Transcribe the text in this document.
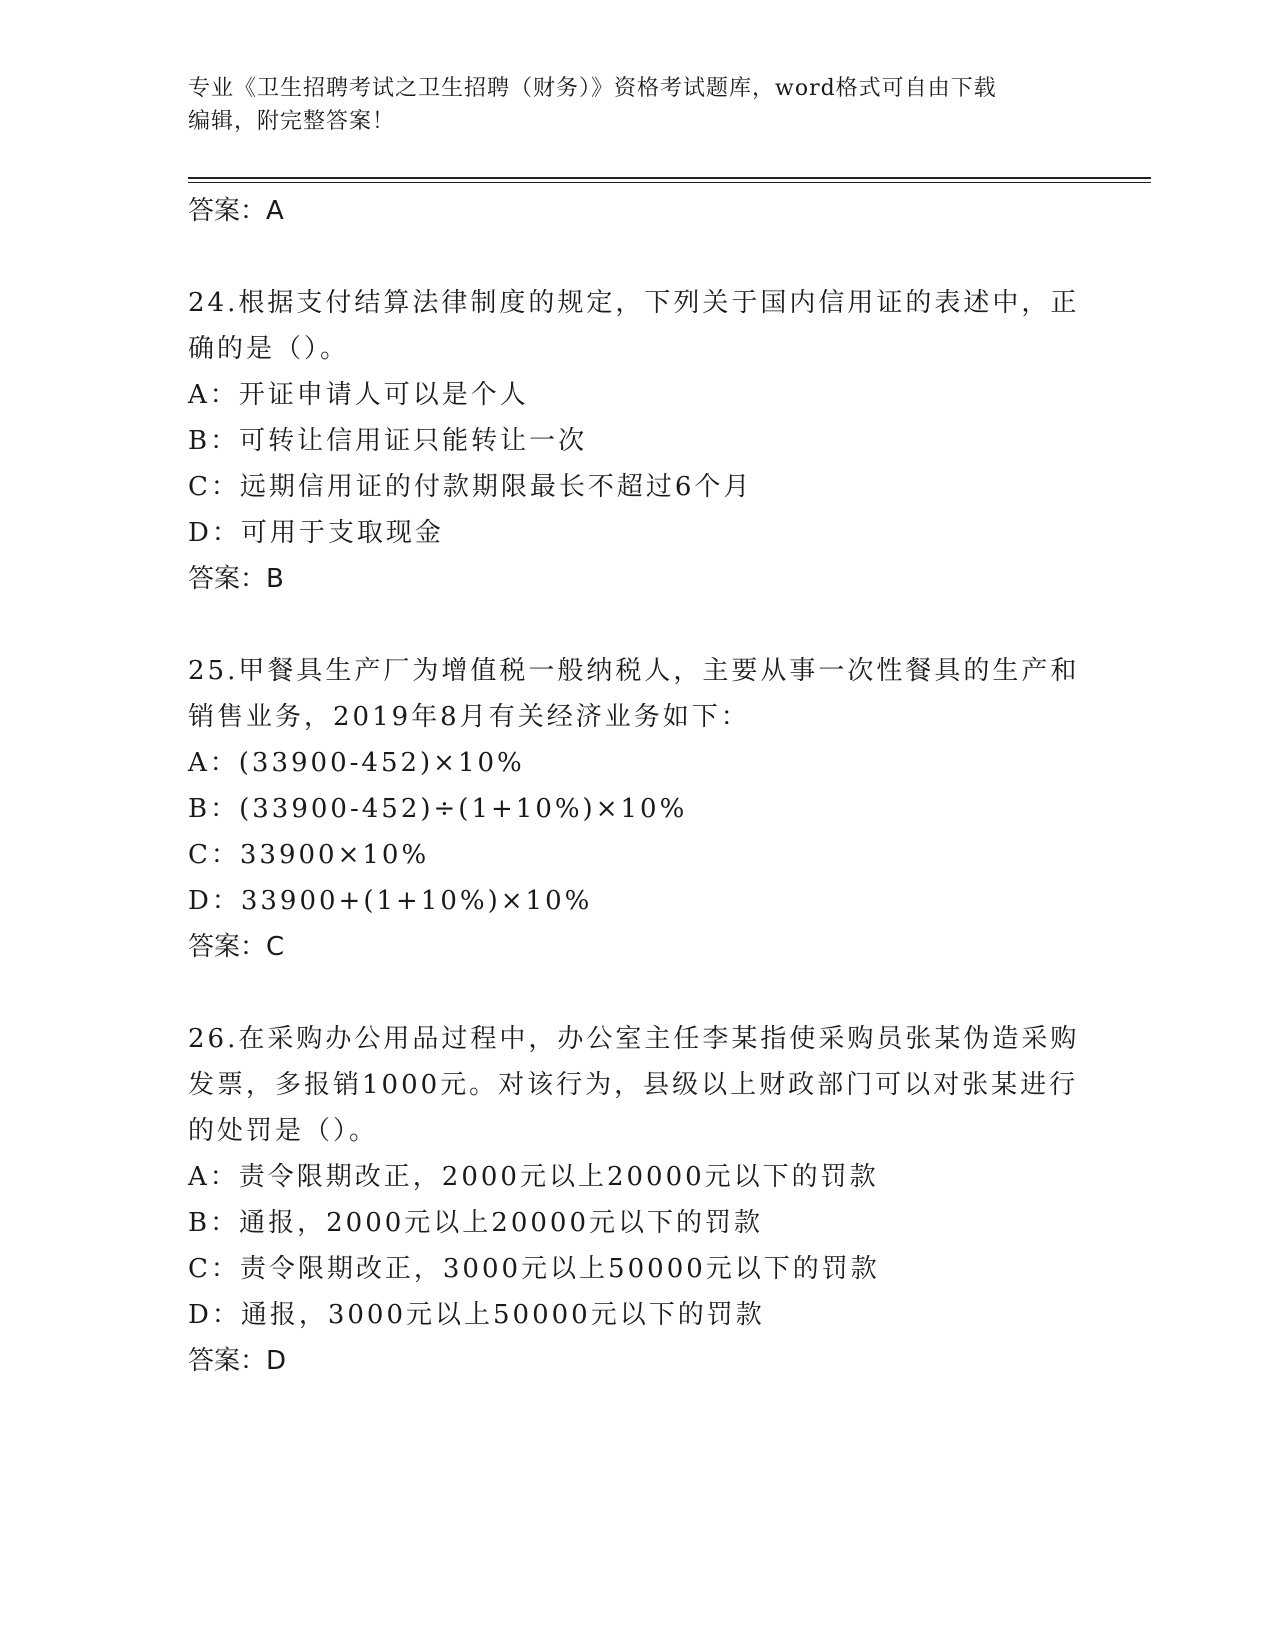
专业《卫生招聘考试之卫生招聘（财务）》资格考试题库，word格式可自由下载
编辑，附完整答案！
答案：A
24.根据支付结算法律制度的规定，下列关于国内信用证的表述中，正
确的是（）。
A：开证申请人可以是个人
B：可转让信用证只能转让一次
C：远期信用证的付款期限最长不超过6个月
D：可用于支取现金
答案：B
25.甲餐具生产厂为增值税一般纳税人，主要从事一次性餐具的生产和
销售业务，2019年8月有关经济业务如下：
A：(33900-452)×10%
B：(33900-452)÷(1+10%)×10%
C：33900×10%
D：33900+(1+10%)×10%
答案：C
26.在采购办公用品过程中，办公室主任李某指使采购员张某伪造采购
发票，多报销1000元。对该行为，县级以上财政部门可以对张某进行
的处罚是（）。
A：责令限期改正，2000元以上20000元以下的罚款
B：通报，2000元以上20000元以下的罚款
C：责令限期改正，3000元以上50000元以下的罚款
D：通报，3000元以上50000元以下的罚款
答案：D
